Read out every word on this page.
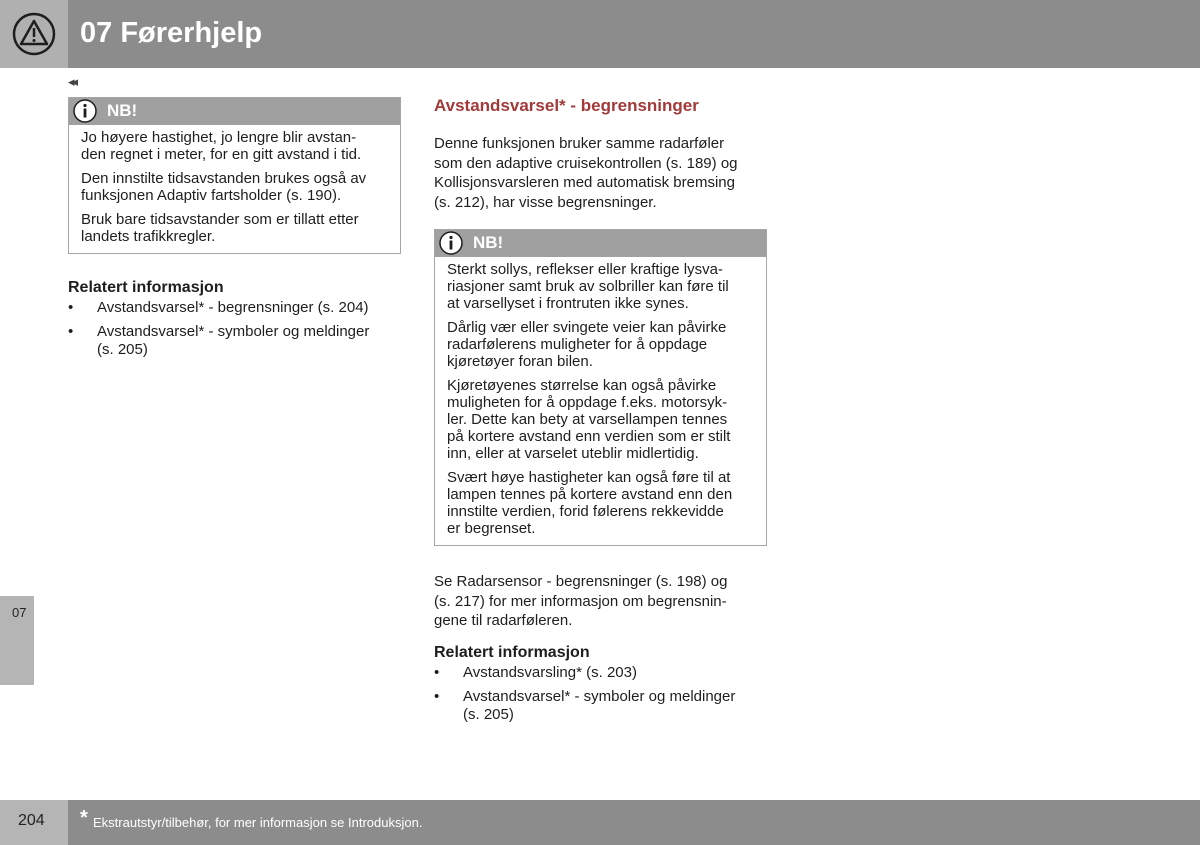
07 Førerhjelp
◂◂
NB!

Jo høyere hastighet, jo lengre blir avstan-
den regnet i meter, for en gitt avstand i tid.

Den innstilte tidsavstanden brukes også av
funksjonen Adaptiv fartsholder (s. 190).

Bruk bare tidsavstander som er tillatt etter
landets trafikkregler.

Relatert informasjon
• Avstandsvarsel* - begrensninger (s. 204)
• Avstandsvarsel* - symboler og meldinger
(s. 205)
Avstandsvarsel* - begrensninger

Denne funksjonen bruker samme radarføler
som den adaptive cruisekontrollen (s. 189) og
Kollisjonsvarsleren med automatisk bremsing
(s. 212), har visse begrensninger.

NB!

Sterkt sollys, reflekser eller kraftige lysva-
riasjoner samt bruk av solbriller kan føre til
at varsellyset i frontruten ikke synes.

Dårlig vær eller svingete veier kan påvirke
radarfølerens muligheter for å oppdage
kjøretøyer foran bilen.

Kjøretøyenes størrelse kan også påvirke
muligheten for å oppdage f.eks. motorsyk-
ler. Dette kan bety at varsellampen tennes
på kortere avstand enn verdien som er stilt
inn, eller at varselet uteblir midlertidig.

Svært høye hastigheter kan også føre til at
lampen tennes på kortere avstand enn den
innstilte verdien, forid følerens rekkevidde
er begrenset.

Se Radarsensor - begrensninger (s. 198) og
(s. 217) for mer informasjon om begrensnin-
gene til radarføleren.

Relatert informasjon
• Avstandsvarsling* (s. 203)
• Avstandsvarsel* - symboler og meldinger
(s. 205)
07
204 * Ekstrautstyr/tilbehør, for mer informasjon se Introduksjon.
